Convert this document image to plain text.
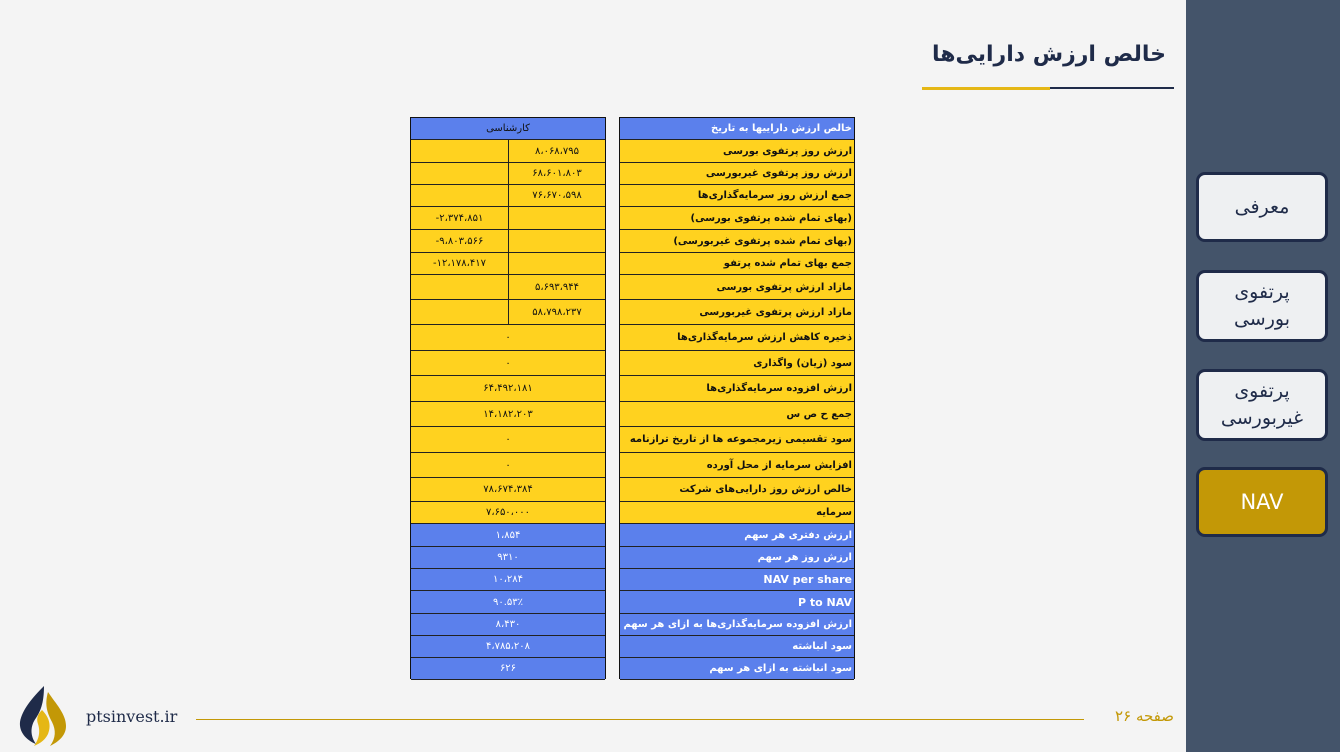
معرفی
پرتفوی
بورسی
پرتفوی
غیربورسی
NAV
خالص ارزش دارایی‌ها
کارشناسی
۸،۰۶۸،۷۹۵
۶۸،۶۰۱،۸۰۳
۷۶،۶۷۰،۵۹۸
-۲،۳۷۴،۸۵۱
-۹،۸۰۳،۵۶۶
-۱۲،۱۷۸،۴۱۷
۵،۶۹۳،۹۴۴
۵۸،۷۹۸،۲۳۷
۰
۰
۶۴،۴۹۲،۱۸۱
۱۴،۱۸۲،۲۰۳
۰
۰
۷۸،۶۷۴،۳۸۴
۷،۶۵۰،۰۰۰
۱،۸۵۴
۹۳۱۰
۱۰،۲۸۴
۹۰.۵۳٪
۸،۴۳۰
۴،۷۸۵،۲۰۸
۶۲۶
خالص ارزش داراییها به تاریخ
ارزش روز پرتفوی بورسی
ارزش روز پرتفوی غیربورسی
جمع ارزش روز سرمایه‌گذاری‌ها
(بهای تمام شده پرتفوی بورسی)
(بهای تمام شده پرتفوی غیربورسی)
جمع بهای تمام شده پرتفو
مازاد ارزش پرتفوی بورسی
مازاد ارزش پرتفوی غیربورسی
ذخیره کاهش ارزش سرمایه‌گذاری‌ها
سود (زیان) واگذاری
ارزش افزوده سرمایه‌گذاری‌ها
جمع ح ص س
سود تقسیمی زیرمجموعه ها از تاریخ ترازنامه
افزایش سرمایه از محل آورده
خالص ارزش روز دارایی‌های شرکت
سرمایه
ارزش دفتری هر سهم
ارزش روز هر سهم
NAV per share
P to NAV
ارزش افزوده سرمایه‌گذاری‌ها به ازای هر سهم
سود انباشته
سود انباشته به ازای هر سهم
ptsinvest.ir	صفحه ۲۶
